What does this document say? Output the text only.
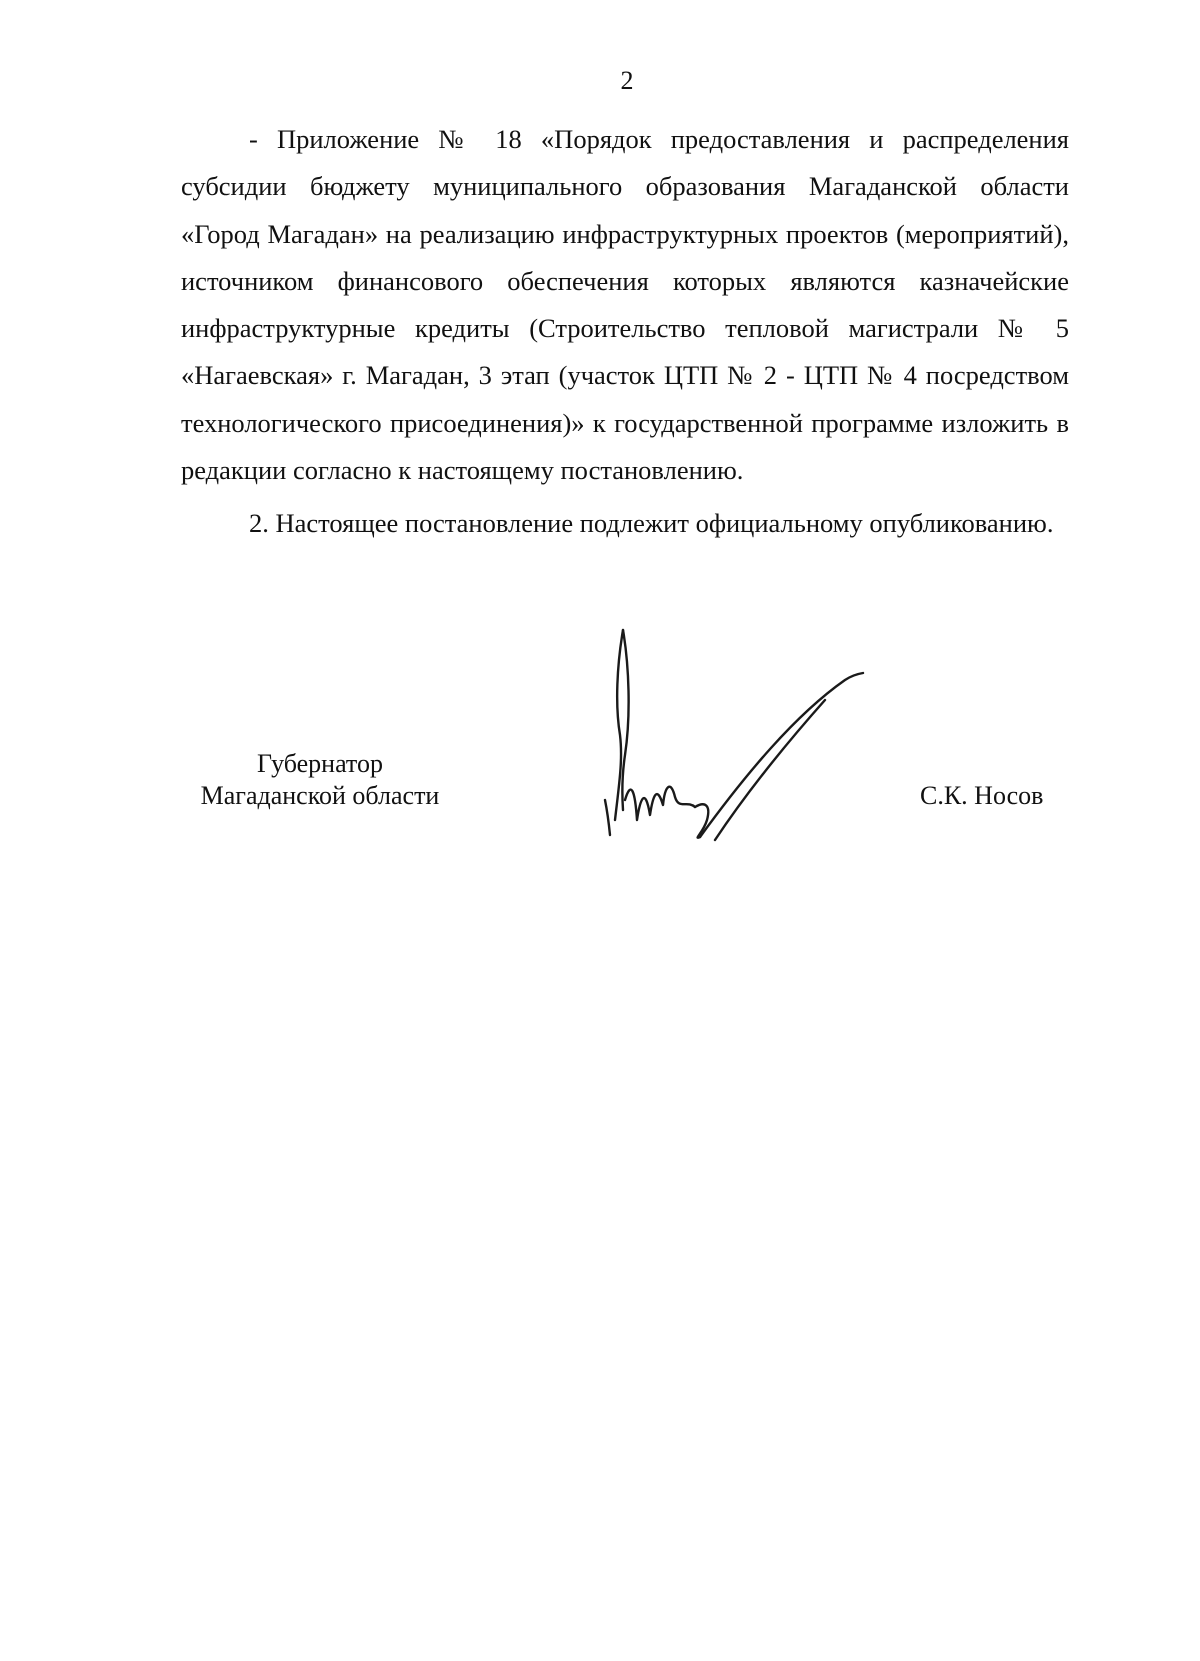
2

- Приложение № 18 «Порядок предоставления и распределения субсидии бюджету муниципального образования Магаданской области «Город Магадан» на реализацию инфраструктурных проектов (мероприятий), источником финансового обеспечения которых являются казначейские инфраструктурные кредиты (Строительство тепловой магистрали № 5 «Нагаевская» г. Магадан, 3 этап (участок ЦТП № 2 - ЦТП № 4 посредством технологического присоединения)» к государственной программе изложить в редакции согласно к настоящему постановлению.

2. Настоящее постановление подлежит официальному опубликованию.

Губернатор
Магаданской области	С.К. Носов
